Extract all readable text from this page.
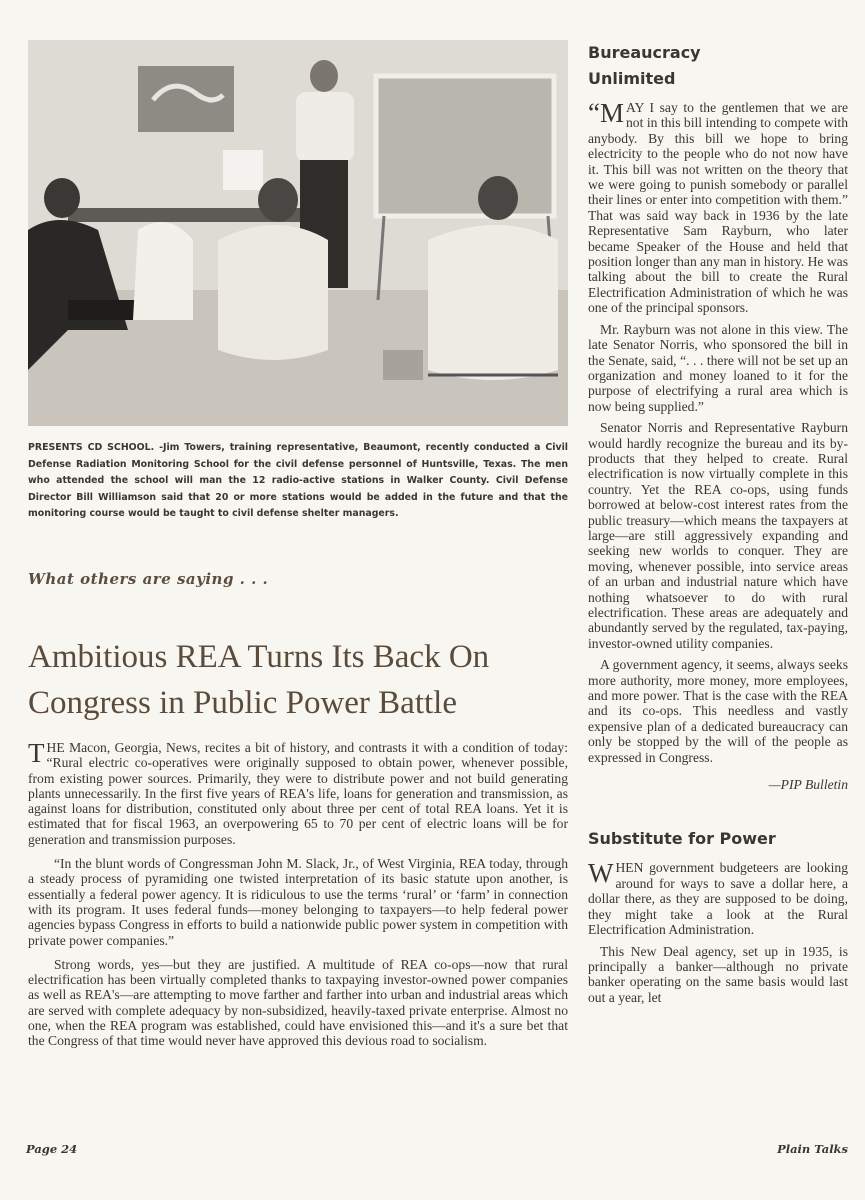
PRESENTS CD SCHOOL. -Jim Towers, training representative, Beaumont, recently conducted a Civil Defense Radiation Monitoring School for the civil defense personnel of Huntsville, Texas. The men who attended the school will man the 12 radio-active stations in Walker County. Civil Defense Director Bill Williamson said that 20 or more stations would be added in the future and that the monitoring course would be taught to civil defense shelter managers.
What others are saying . . .
Ambitious REA Turns Its Back On Congress in Public Power Battle

THE Macon, Georgia, News, recites a bit of history, and contrasts it with a condition of today: “Rural electric co-operatives were originally supposed to obtain power, whenever possible, from existing power sources. Primarily, they were to distribute power and not build generating plants unnecessarily. In the first five years of REA's life, loans for generation and transmission, as against loans for distribution, constituted only about three per cent of total REA loans. Yet it is estimated that for fiscal 1963, an overpowering 65 to 70 per cent of electric loans will be for generation and transmission purposes.

“In the blunt words of Congressman John M. Slack, Jr., of West Virginia, REA today, through a steady process of pyramiding one twisted interpretation of its basic statute upon another, is essentially a federal power agency. It is ridiculous to use the terms ‘rural’ or ‘farm’ in connection with its program. It uses federal funds—money belonging to taxpayers—to help federal power agencies bypass Congress in efforts to build a nationwide public power system in competition with private power companies.”

Strong words, yes—but they are justified. A multitude of REA co-ops—now that rural electrification has been virtually completed thanks to taxpaying investor-owned power companies as well as REA's—are attempting to move farther and farther into urban and industrial areas which are served with complete adequacy by non-subsidized, heavily-taxed private enterprise. Almost no one, when the REA program was established, could have envisioned this—and it's a sure bet that the Congress of that time would never have approved this devious road to socialism.

Bureaucracy Unlimited

“MAY I say to the gentlemen that we are not in this bill intending to compete with anybody. By this bill we hope to bring electricity to the people who do not now have it. This bill was not written on the theory that we were going to punish somebody or parallel their lines or enter into competition with them.” That was said way back in 1936 by the late Representative Sam Rayburn, who later became Speaker of the House and held that position longer than any man in history. He was talking about the bill to create the Rural Electrification Administration of which he was one of the principal sponsors.

Mr. Rayburn was not alone in this view. The late Senator Norris, who sponsored the bill in the Senate, said, “. . . there will not be set up an organization and money loaned to it for the purpose of electrifying a rural area which is now being supplied.”

Senator Norris and Representative Rayburn would hardly recognize the bureau and its by-products that they helped to create. Rural electrification is now virtually complete in this country. Yet the REA co-ops, using funds borrowed at below-cost interest rates from the public treasury—which means the taxpayers at large—are still aggressively expanding and seeking new worlds to conquer. They are moving, whenever possible, into service areas of an urban and industrial nature which have nothing whatsoever to do with rural electrification. These areas are adequately and abundantly served by the regulated, tax-paying, investor-owned utility companies.

A government agency, it seems, always seeks more authority, more money, more employees, and more power. That is the case with the REA and its co-ops. This needless and vastly expensive plan of a dedicated bureaucracy can only be stopped by the will of the people as expressed in Congress.

—PIP Bulletin

Substitute for Power

WHEN government budgeteers are looking around for ways to save a dollar here, a dollar there, as they are supposed to be doing, they might take a look at the Rural Electrification Administration.

This New Deal agency, set up in 1935, is principally a banker—although no private banker operating on the same basis would last out a year, let

Page 24	Plain Talks
